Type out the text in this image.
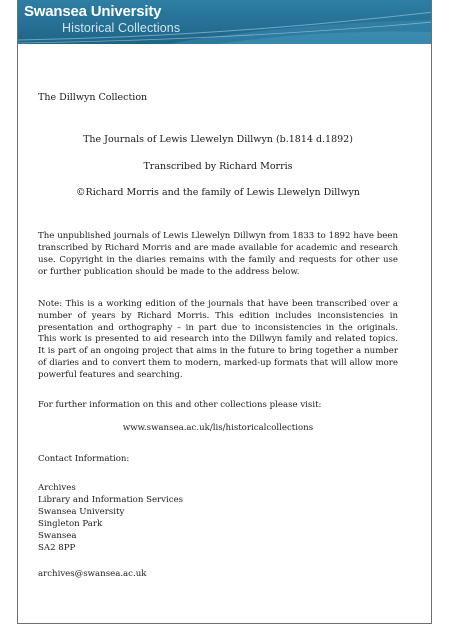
Swansea University
Historical Collections

The Dillwyn Collection

The Journals of Lewis Llewelyn Dillwyn (b.1814 d.1892)

Transcribed by Richard Morris

©Richard Morris and the family of Lewis Llewelyn Dillwyn

The unpublished journals of Lewis Llewelyn Dillwyn from 1833 to 1892 have been transcribed by Richard Morris and are made available for academic and research use. Copyright in the diaries remains with the family and requests for other use or further publication should be made to the address below.

Note: This is a working edition of the journals that have been transcribed over a number of years by Richard Morris. This edition includes inconsistencies in presentation and orthography – in part due to inconsistencies in the originals. This work is presented to aid research into the Dillwyn family and related topics. It is part of an ongoing project that aims in the future to bring together a number of diaries and to convert them to modern, marked-up formats that will allow more powerful features and searching.

For further information on this and other collections please visit:

www.swansea.ac.uk/lis/historicalcollections

Contact Information:

Archives
Library and Information Services
Swansea University
Singleton Park
Swansea
SA2 8PP
archives@swansea.ac.uk
